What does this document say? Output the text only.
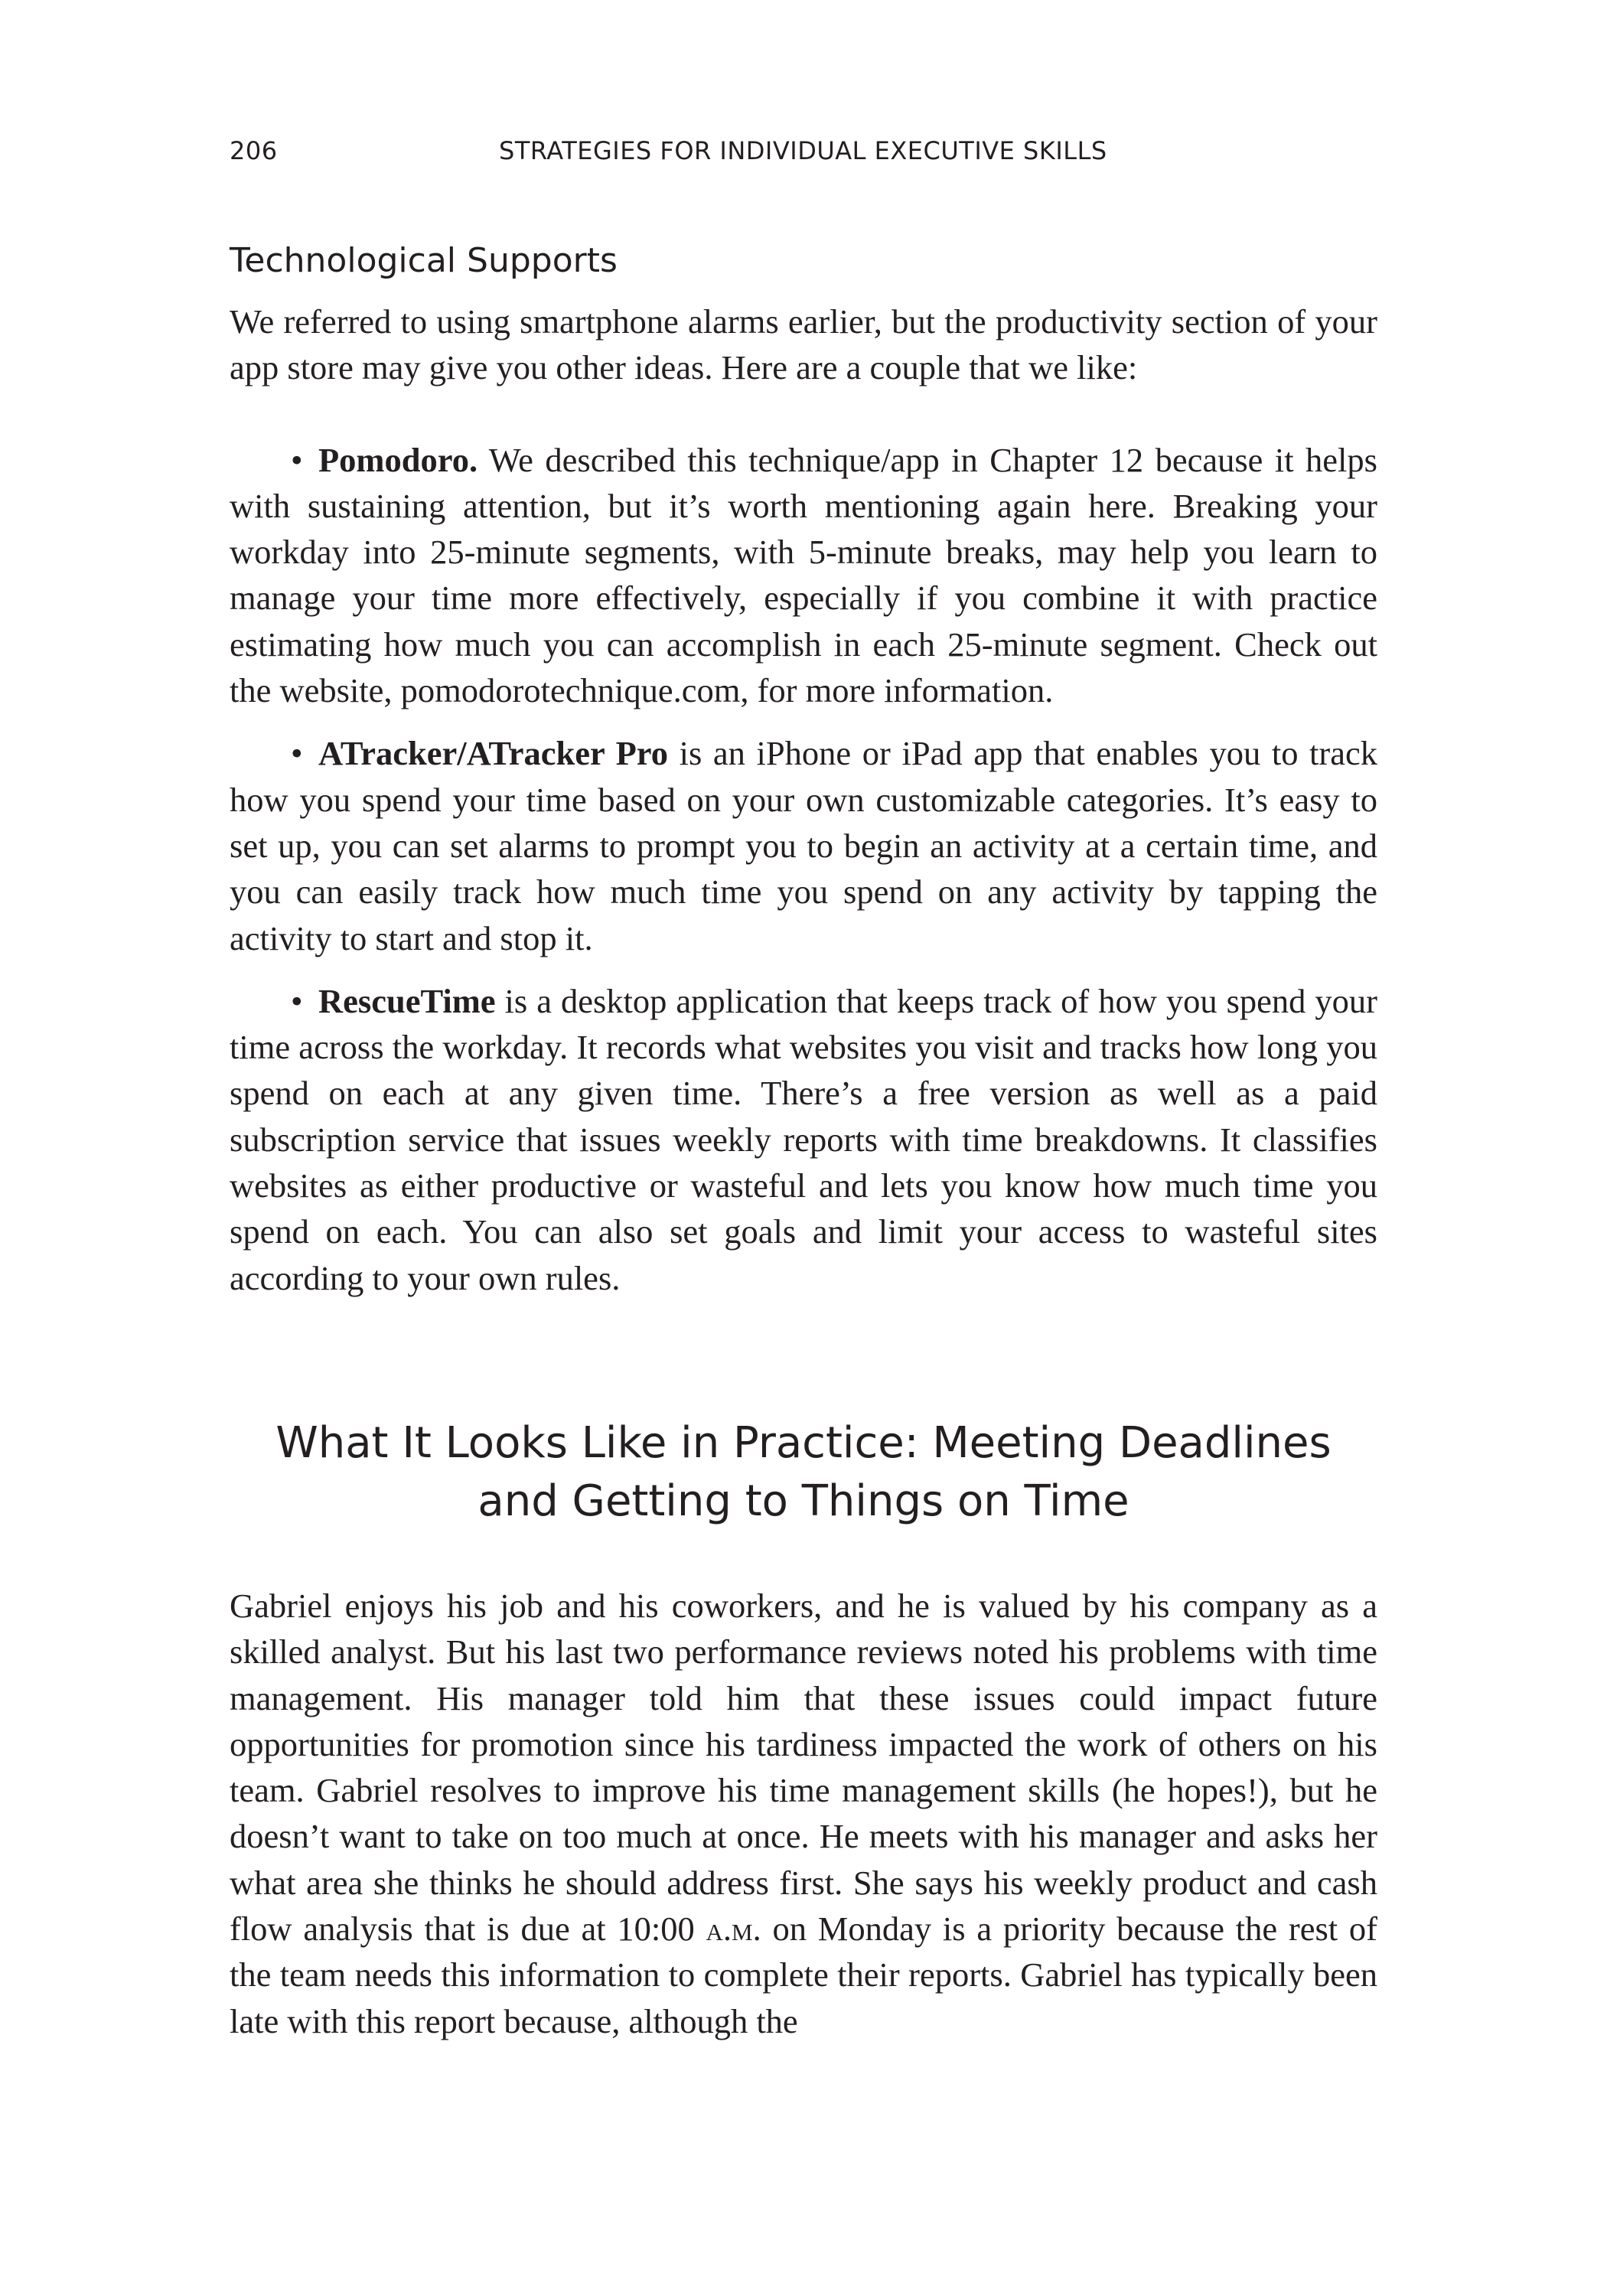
206	STRATEGIES FOR INDIVIDUAL EXECUTIVE SKILLS
Technological Supports

We referred to using smartphone alarms earlier, but the productivity section of your app store may give you other ideas. Here are a couple that we like:

• Pomodoro. We described this technique/app in Chapter 12 because it helps with sustaining attention, but it’s worth mentioning again here. Breaking your workday into 25-minute segments, with 5-minute breaks, may help you learn to manage your time more effectively, especially if you combine it with practice estimating how much you can accomplish in each 25-minute segment. Check out the website, pomodorotechnique.com, for more information.

• ATracker/ATracker Pro is an iPhone or iPad app that enables you to track how you spend your time based on your own customizable categories. It’s easy to set up, you can set alarms to prompt you to begin an activity at a certain time, and you can easily track how much time you spend on any activity by tapping the activity to start and stop it.

• RescueTime is a desktop application that keeps track of how you spend your time across the workday. It records what websites you visit and tracks how long you spend on each at any given time. There’s a free version as well as a paid subscription service that issues weekly reports with time breakdowns. It classifies websites as either productive or wasteful and lets you know how much time you spend on each. You can also set goals and limit your access to wasteful sites according to your own rules.

What It Looks Like in Practice: Meeting Deadlines
and Getting to Things on Time

Gabriel enjoys his job and his coworkers, and he is valued by his company as a skilled analyst. But his last two performance reviews noted his problems with time management. His manager told him that these issues could impact future opportunities for promotion since his tardiness impacted the work of others on his team. Gabriel resolves to improve his time management skills (he hopes!), but he doesn’t want to take on too much at once. He meets with his manager and asks her what area she thinks he should address first. She says his weekly product and cash flow analysis that is due at 10:00 a.m. on Monday is a priority because the rest of the team needs this information to complete their reports. Gabriel has typically been late with this report because, although the
